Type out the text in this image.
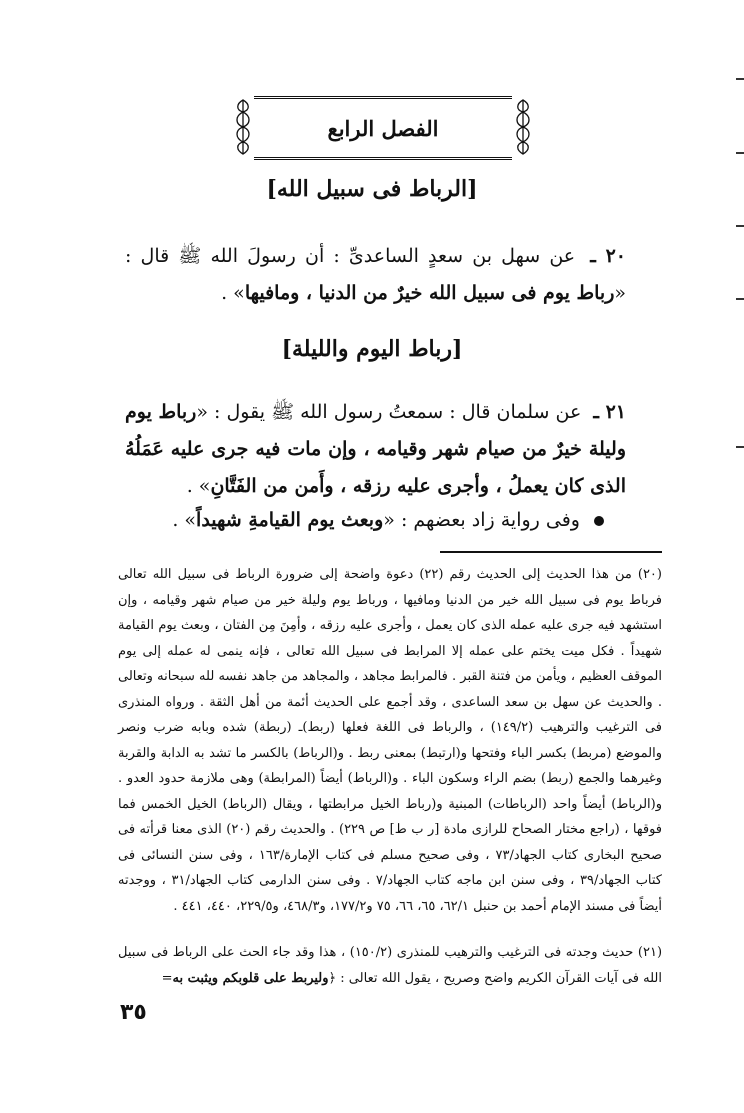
الفصل الرابع
[الرباط فى سبيل الله]
٢٠ ـ عن سهل بن سعدٍ الساعدىِّ : أن رسولَ الله ﷺ قال : «رباط يوم فى سبيل الله خيرٌ من الدنيا ، ومافيها» .
[رباط اليوم والليلة]
٢١ ـ عن سلمان قال : سمعتُ رسول الله ﷺ يقول : «رباط يوم وليلة خيرٌ من صيام شهر وقيامه ، وإن مات فيه جرى عليه عَمَلُهُ الذى كان يعملُ ، وأجرى عليه رزقه ، وأَمن من الفَتَّانِ» .
وفى رواية زاد بعضهم : «وبعث يوم القيامةِ شهيداً» .
(٢٠) من هذا الحديث إلى الحديث رقم (٢٢) دعوة واضحة إلى ضرورة الرباط فى سبيل الله تعالى فرباط يوم فى سبيل الله خير من الدنيا ومافيها ، ورباط يوم وليلة خير من صيام شهر وقيامه ، وإن استشهد فيه جرى عليه عمله الذى كان يعمل ، وأجرى عليه رزقه ، وأمِنَ مِن الفتان ، وبعث يوم القيامة شهيداً . فكل ميت يختم على عمله إلا المرابط فى سبيل الله تعالى ، فإنه ينمى له عمله إلى يوم الموقف العظيم ، ويأمن من فتنة القبر . فالمرابط مجاهد ، والمجاهد من جاهد نفسه لله سبحانه وتعالى . والحديث عن سهل بن سعد الساعدى ، وقد أجمع على الحديث أئمة من أهل الثقة . ورواه المنذرى فى الترغيب والترهيب (١٤٩/٢) ، والرباط فى اللغة فعلها (ربط)ـ (ربطة) شده وبابه ضرب ونصر والموضع (مربط) بكسر الباء وفتحها و(ارتبط) بمعنى ربط . و(الرباط) بالكسر ما تشد به الدابة والقربة وغيرهما والجمع (ربط) بضم الراء وسكون الباء . و(الرباط) أيضاً (المرابطة) وهى ملازمة حدود العدو . و(الرباط) أيضاً واحد (الرباطات) المبنية و(رباط الخيل مرابطتها ، ويقال (الرباط) الخيل الخمس فما فوقها ، (راجع مختار الصحاح للرازى مادة [ر ب ط] ص ٢٢٩) . والحديث رقم (٢٠) الذى معنا قرأته فى صحيح البخارى كتاب الجهاد/٧٣ ، وفى صحيح مسلم فى كتاب الإمارة/١٦٣ ، وفى سنن النسائى فى كتاب الجهاد/٣٩ ، وفى سنن ابن ماجه كتاب الجهاد/٧ . وفى سنن الدارمى كتاب الجهاد/٣١ ، ووجدته أيضاً فى مسند الإمام أحمد بن حنبل ٦٢/١، ٦٥، ٦٦، ٧٥ و١٧٧/٢، و٤٦٨/٣، و٢٢٩/٥، ٤٤٠، ٤٤١ .
(٢١) حديث وجدته فى الترغيب والترهيب للمنذرى (١٥٠/٢) ، هذا وقد جاء الحث على الرباط فى سبيل الله فى آيات القرآن الكريم واضح وصريح ، يقول الله تعالى : ﴿وليربط على قلوبكم ويثبت به=
٣٥
